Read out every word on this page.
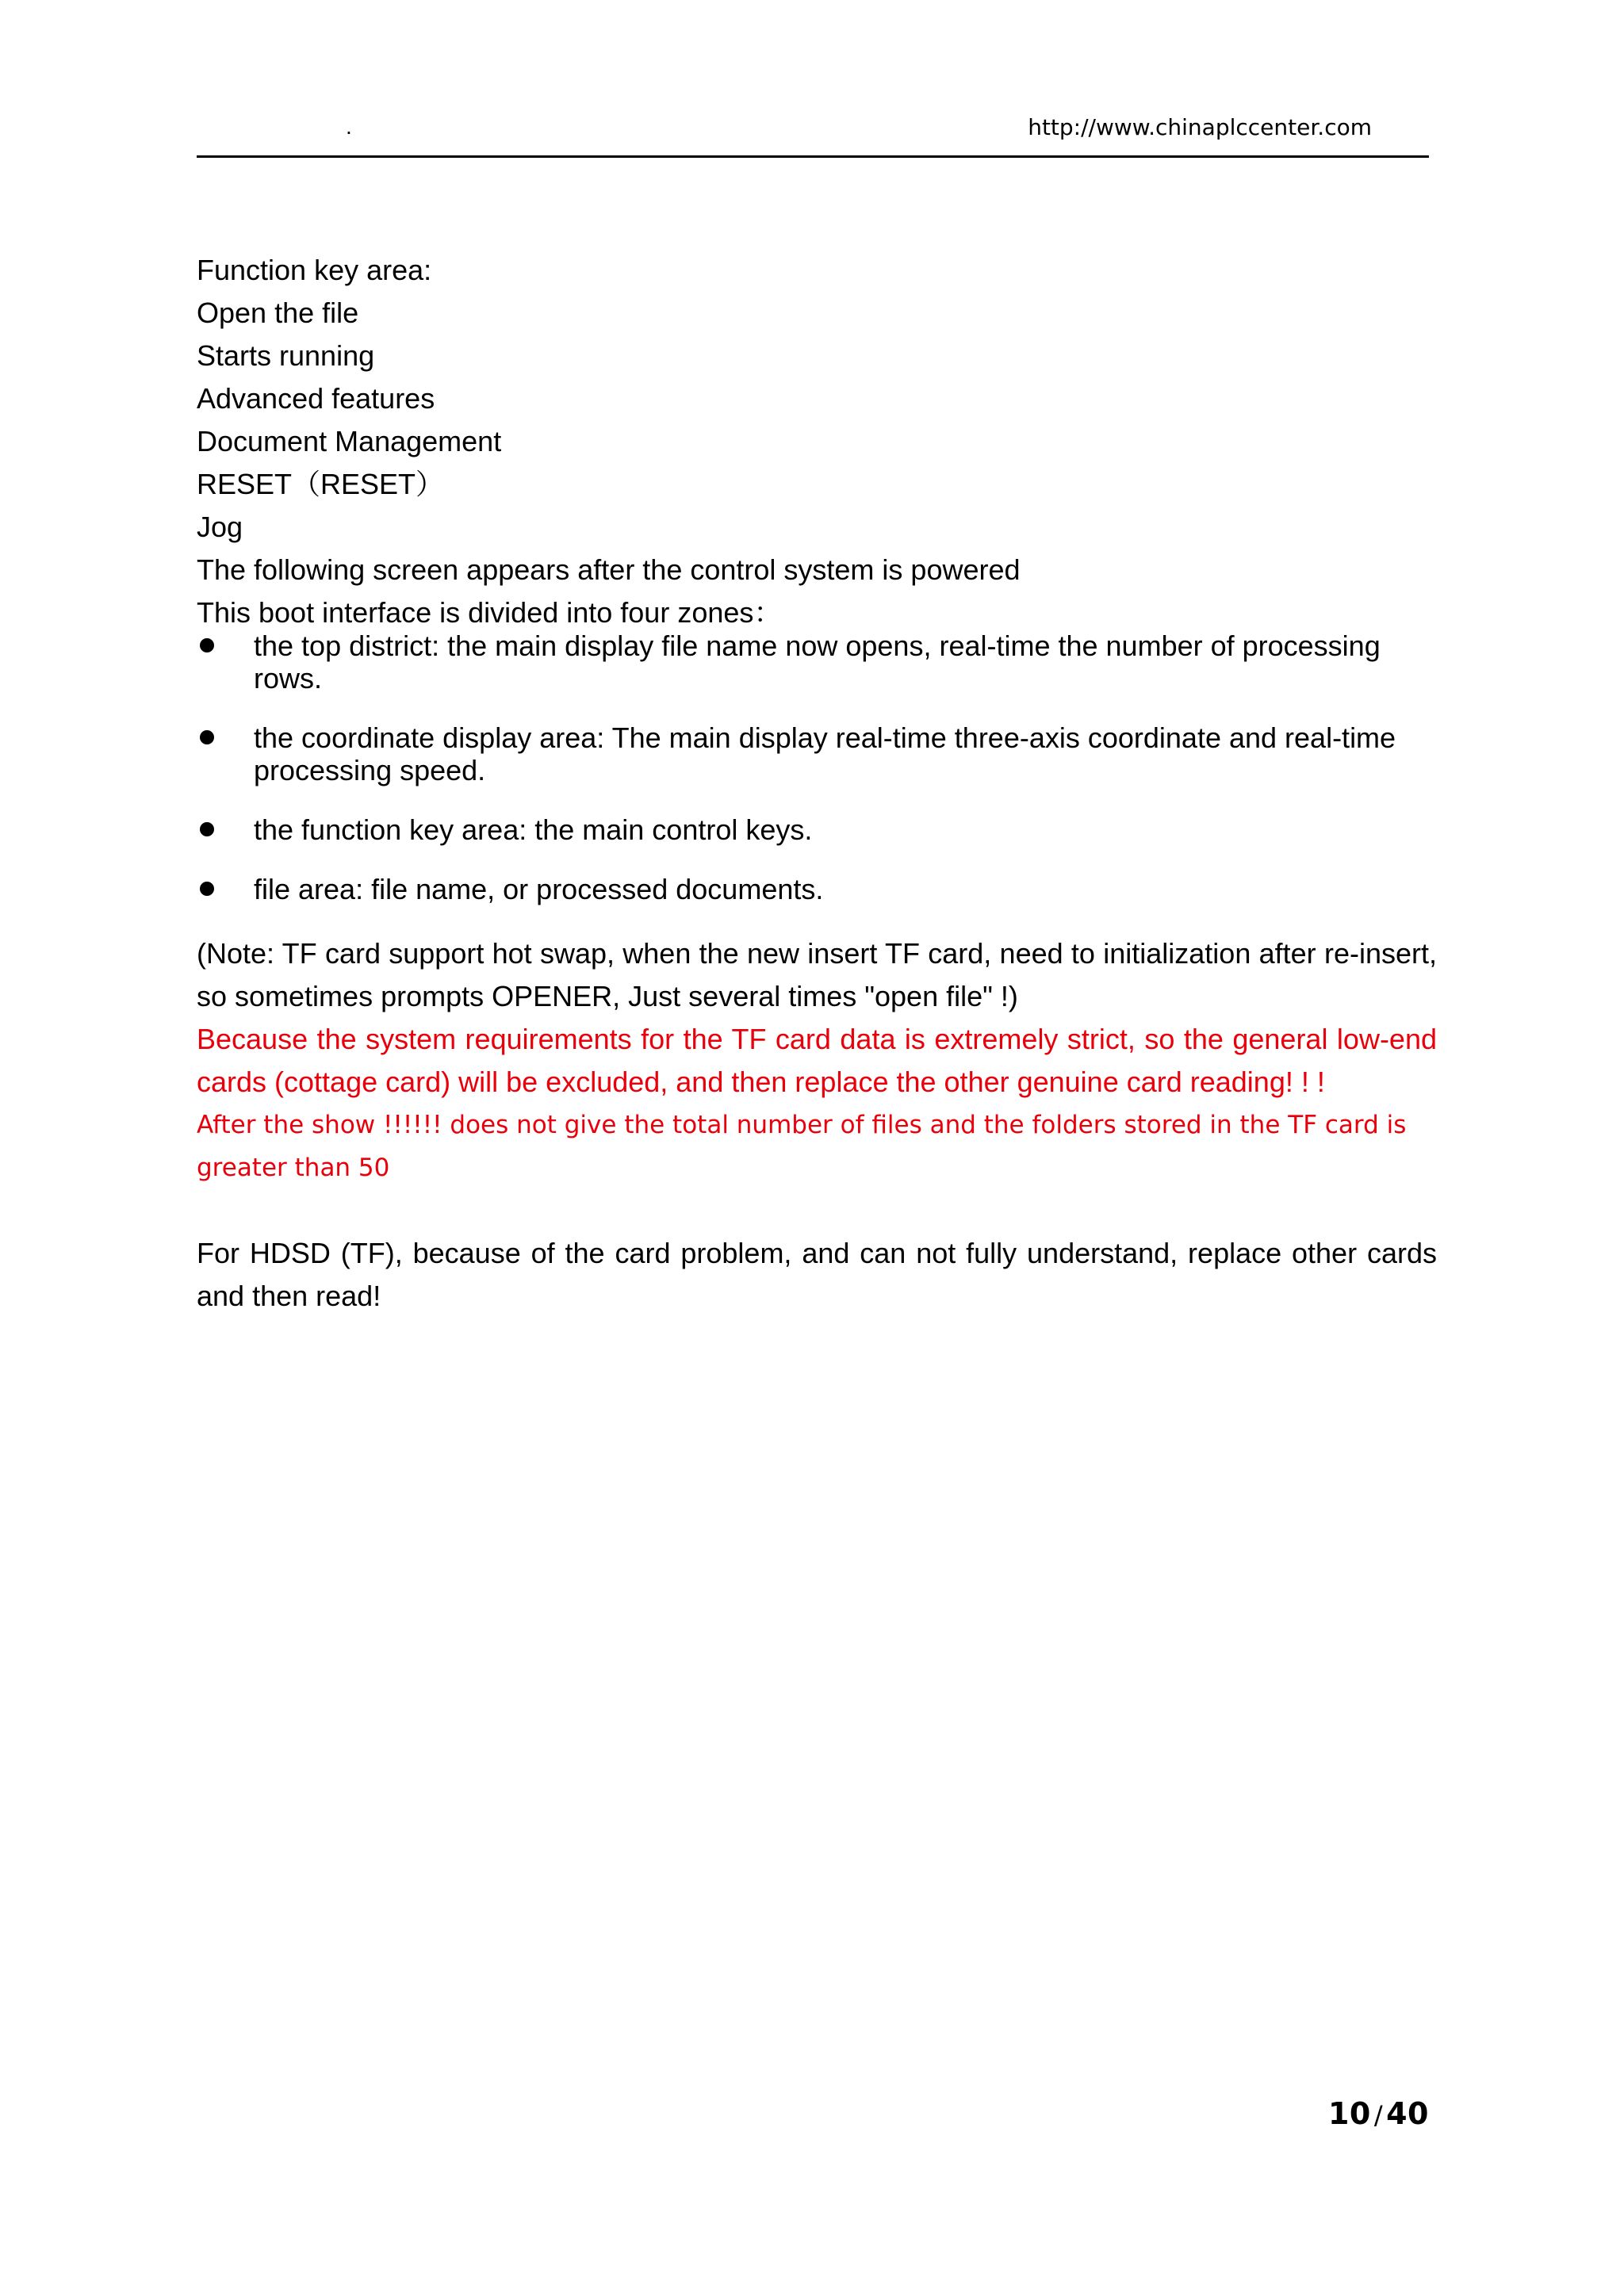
.	http://www.chinaplccenter.com
Function key area:
Open the file
Starts running
Advanced features
Document Management
RESET（RESET）
Jog
The following screen appears after the control system is powered
This boot interface is divided into four zones：
the top district: the main display file name now opens, real-time the number of processing rows.
the coordinate display area: The main display real-time three-axis coordinate and real-time processing speed.
the function key area: the main control keys.
file area: file name, or processed documents.

(Note: TF card support hot swap, when the new insert TF card, need to initialization after re-insert, so sometimes prompts OPENER, Just several times "open file" !)

Because the system requirements for the TF card data is extremely strict, so the general low-end cards (cottage card) will be excluded, and then replace the other genuine card reading! ! !

After the show !!!!!! does not give the total number of files and the folders stored in the TF card is greater than 50

For HDSD (TF), because of the card problem, and can not fully understand, replace other cards and then read!

10 / 40
